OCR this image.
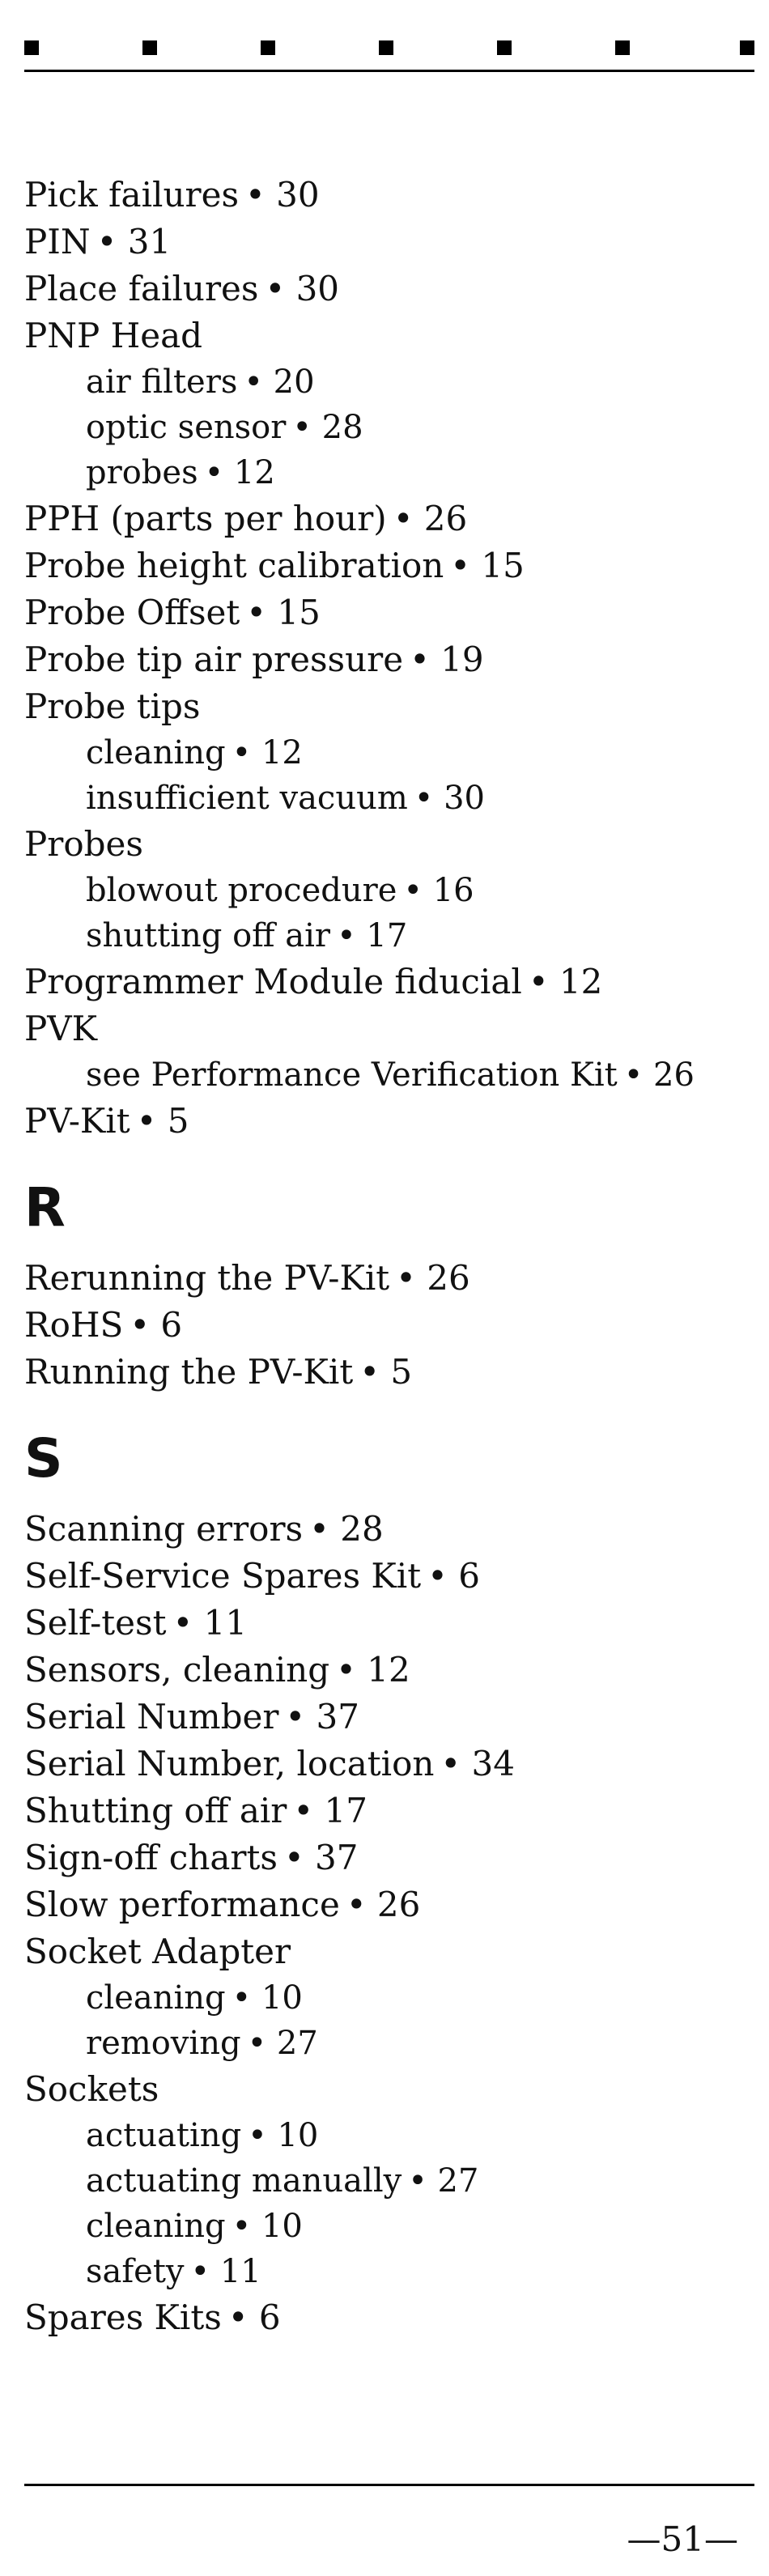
Pick failures • 30
PIN • 31
Place failures • 30
PNP Head
air filters • 20
optic sensor • 28
probes • 12
PPH (parts per hour) • 26
Probe height calibration • 15
Probe Offset • 15
Probe tip air pressure • 19
Probe tips
cleaning • 12
insufficient vacuum • 30
Probes
blowout procedure • 16
shutting off air • 17
Programmer Module fiducial • 12
PVK
see Performance Verification Kit • 26
PV-Kit • 5
R
Rerunning the PV-Kit • 26
RoHS • 6
Running the PV-Kit • 5
S
Scanning errors • 28
Self-Service Spares Kit • 6
Self-test • 11
Sensors, cleaning • 12
Serial Number • 37
Serial Number, location • 34
Shutting off air • 17
Sign-off charts • 37
Slow performance • 26
Socket Adapter
cleaning • 10
removing • 27
Sockets
actuating • 10
actuating manually • 27
cleaning • 10
safety • 11
Spares Kits • 6
—51—
